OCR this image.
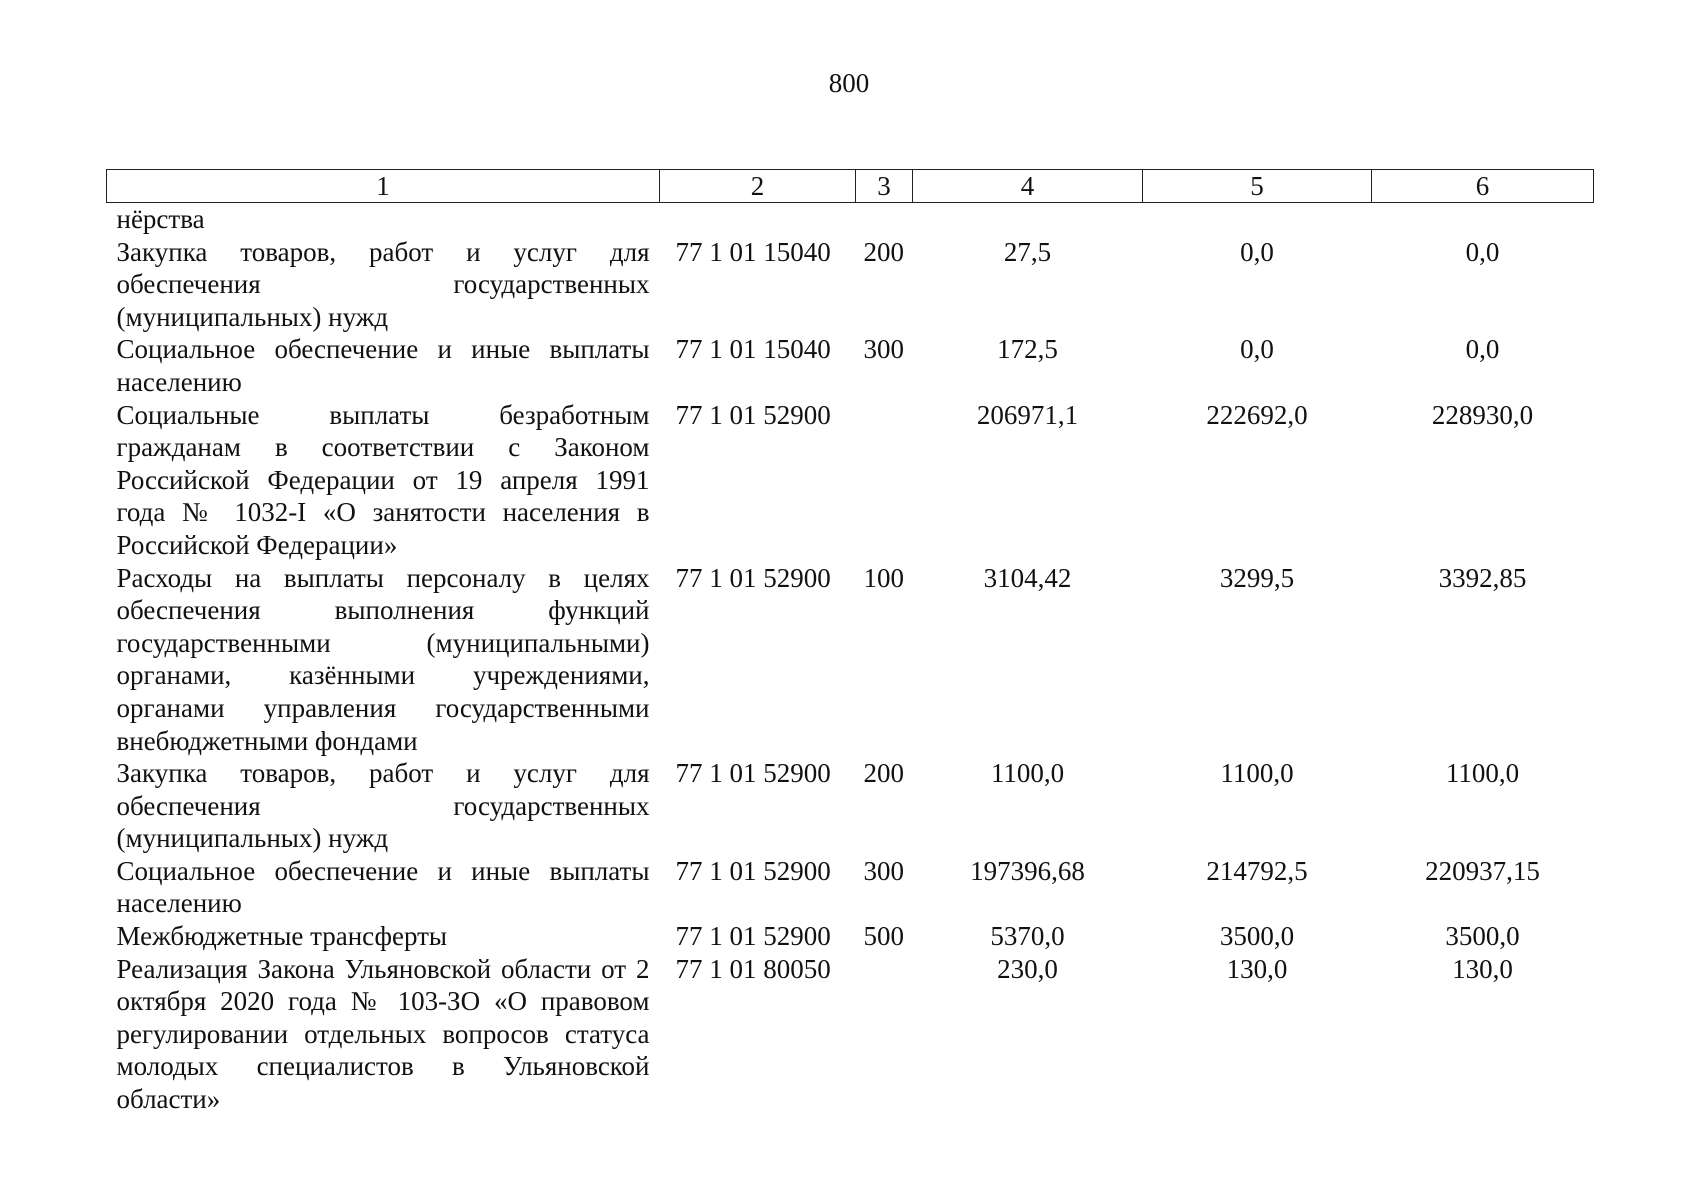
800
1	2	3	4	5	6
нёрства					
Закупка товаров, работ и услуг для обеспечения государственных (муниципальных) нужд	77 1 01 15040	200	27,5	0,0	0,0
Социальное обеспечение и иные выплаты населению	77 1 01 15040	300	172,5	0,0	0,0
Социальные выплаты безработным гражданам в соответствии с Законом Российской Федерации от 19 апреля 1991 года № 1032-I «О занятости населения в Российской Федерации»	77 1 01 52900		206971,1	222692,0	228930,0
Расходы на выплаты персоналу в целях обеспечения выполнения функций государственными (муниципальными) органами, казёнными учреждениями, органами управления государственными внебюджетными фондами	77 1 01 52900	100	3104,42	3299,5	3392,85
Закупка товаров, работ и услуг для обеспечения государственных (муниципальных) нужд	77 1 01 52900	200	1100,0	1100,0	1100,0
Социальное обеспечение и иные выплаты населению	77 1 01 52900	300	197396,68	214792,5	220937,15
Межбюджетные трансферты	77 1 01 52900	500	5370,0	3500,0	3500,0
Реализация Закона Ульяновской области от 2 октября 2020 года № 103-ЗО «О правовом регулировании отдельных вопросов статуса молодых специалистов в Ульяновской области»	77 1 01 80050		230,0	130,0	130,0
